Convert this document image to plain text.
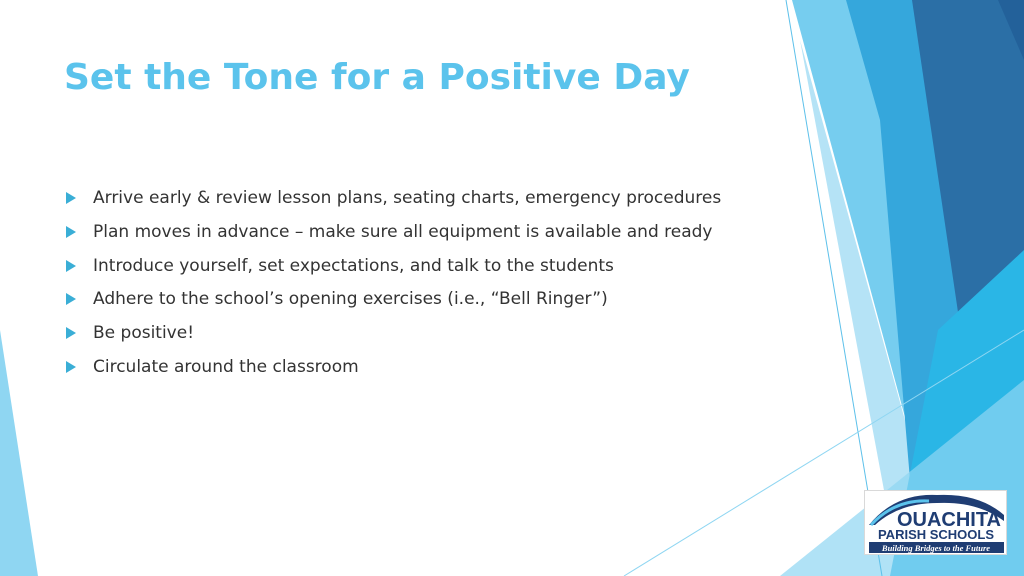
Set the Tone for a Positive Day
Arrive early & review lesson plans, seating charts, emergency procedures
Plan moves in advance – make sure all equipment is available and ready
Introduce yourself, set expectations, and talk to the students
Adhere to the school’s opening exercises (i.e., “Bell Ringer”)
Be positive!
Circulate around the classroom
OUACHITA
PARISH SCHOOLS
Building Bridges to the Future
